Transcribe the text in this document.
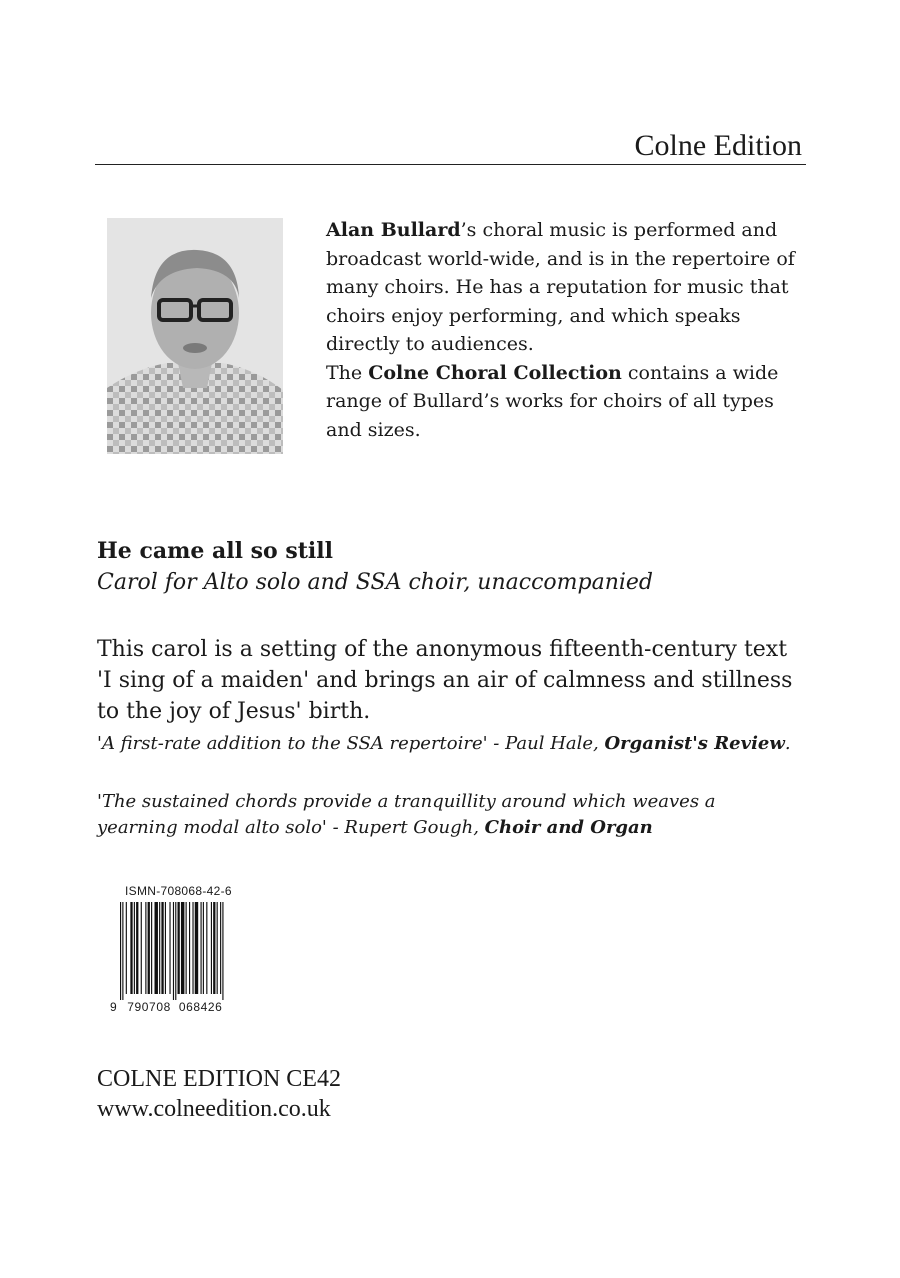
Colne Edition
Alan Bullard’s choral music is performed and broadcast world-wide, and is in the repertoire of many choirs. He has a reputation for music that choirs enjoy performing, and which speaks directly to audiences.
The Colne Choral Collection contains a wide range of Bullard’s works for choirs of all types and sizes.
He came all so still
Carol for Alto solo and SSA choir, unaccompanied
This carol is a setting of the anonymous fifteenth-century text 'I sing of a maiden' and brings an air of calmness and stillness to the joy of Jesus' birth.
'A first-rate addition to the SSA repertoire' - Paul Hale, Organist's Review.
'The sustained chords provide a tranquillity around which weaves a yearning modal alto solo' - Rupert Gough, Choir and Organ
ISMN-708068-42-6
9 790708 068426
COLNE EDITION CE42
www.colneedition.co.uk
